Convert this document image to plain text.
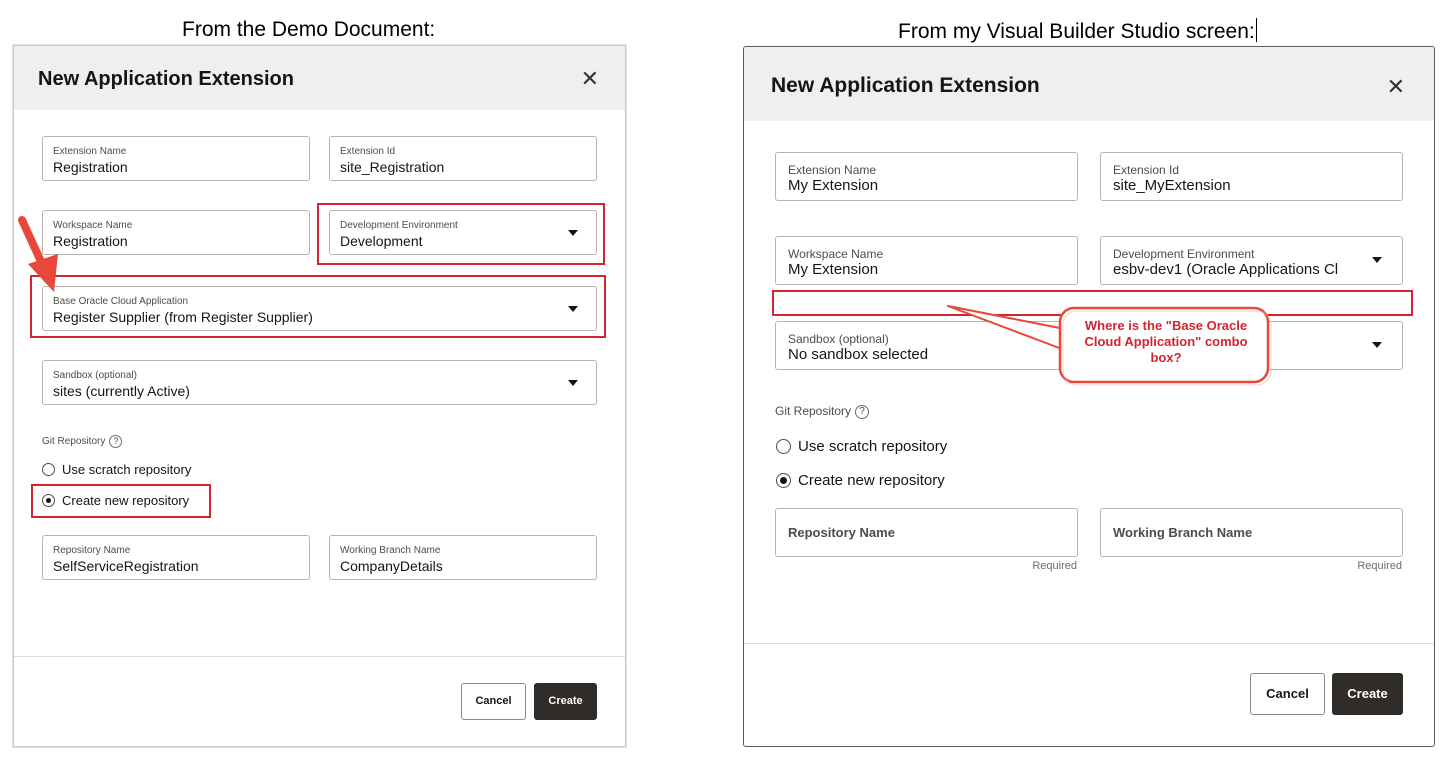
From the Demo Document:	From my Visual Builder Studio screen:
New Application Extension	✕
Extension Name
Registration
Extension Id
site_Registration
Workspace Name
Registration
Development Environment
Development
Base Oracle Cloud Application
Register Supplier (from Register Supplier)
Sandbox (optional)
sites (currently Active)
Git Repository ?
Use scratch repository
Create new repository
Repository Name
SelfServiceRegistration
Working Branch Name
CompanyDetails
Cancel	Create
New Application Extension	✕
Extension Name
My Extension
Extension Id
site_MyExtension
Workspace Name
My Extension
Development Environment
esbv-dev1 (Oracle Applications Cl
Sandbox (optional)
No sandbox selected
Git Repository ?
Use scratch repository
Create new repository
Repository Name
Required
Working Branch Name
Required
Cancel	Create
Where is the "Base Oracle Cloud Application" combo box?
